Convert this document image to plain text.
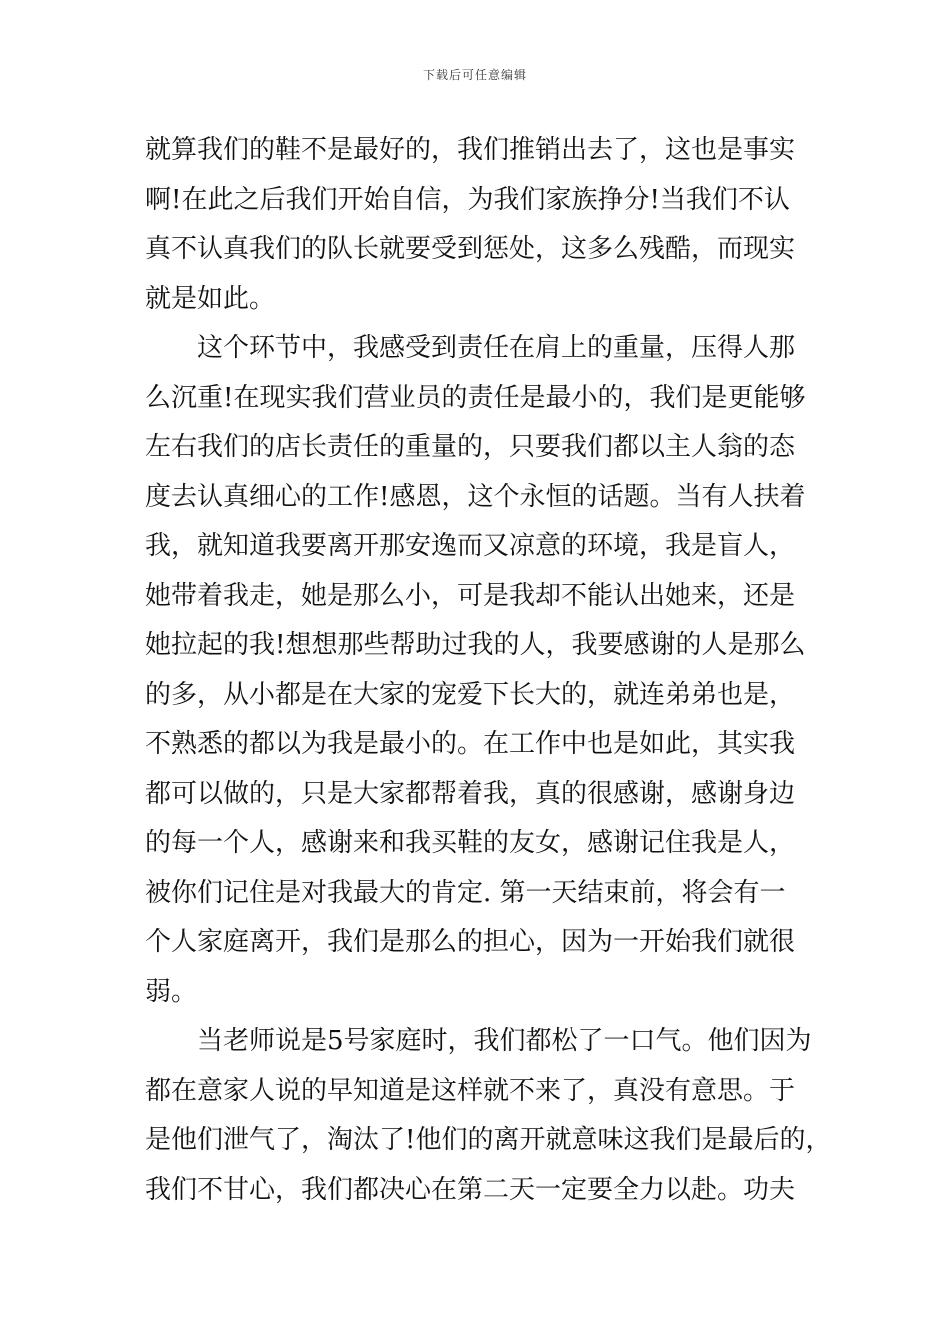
下载后可任意编辑
就算我们的鞋不是最好的，我们推销出去了，这也是事实
啊!在此之后我们开始自信，为我们家族挣分!当我们不认
真不认真我们的队长就要受到惩处，这多么残酷，而现实
就是如此。
这个环节中，我感受到责任在肩上的重量，压得人那
么沉重!在现实我们营业员的责任是最小的，我们是更能够
左右我们的店长责任的重量的，只要我们都以主人翁的态
度去认真细心的工作!感恩，这个永恒的话题。当有人扶着
我，就知道我要离开那安逸而又凉意的环境，我是盲人，
她带着我走，她是那么小，可是我却不能认出她来，还是
她拉起的我!想想那些帮助过我的人，我要感谢的人是那么
的多，从小都是在大家的宠爱下长大的，就连弟弟也是，
不熟悉的都以为我是最小的。在工作中也是如此，其实我
都可以做的，只是大家都帮着我，真的很感谢，感谢身边
的每一个人，感谢来和我买鞋的友女，感谢记住我是人，
被你们记住是对我最大的肯定. 第一天结束前，将会有一
个人家庭离开，我们是那么的担心，因为一开始我们就很
弱。
当老师说是5号家庭时，我们都松了一口气。他们因为
都在意家人说的早知道是这样就不来了，真没有意思。于
是他们泄气了，淘汰了!他们的离开就意味这我们是最后的，
我们不甘心，我们都决心在第二天一定要全力以赴。功夫
